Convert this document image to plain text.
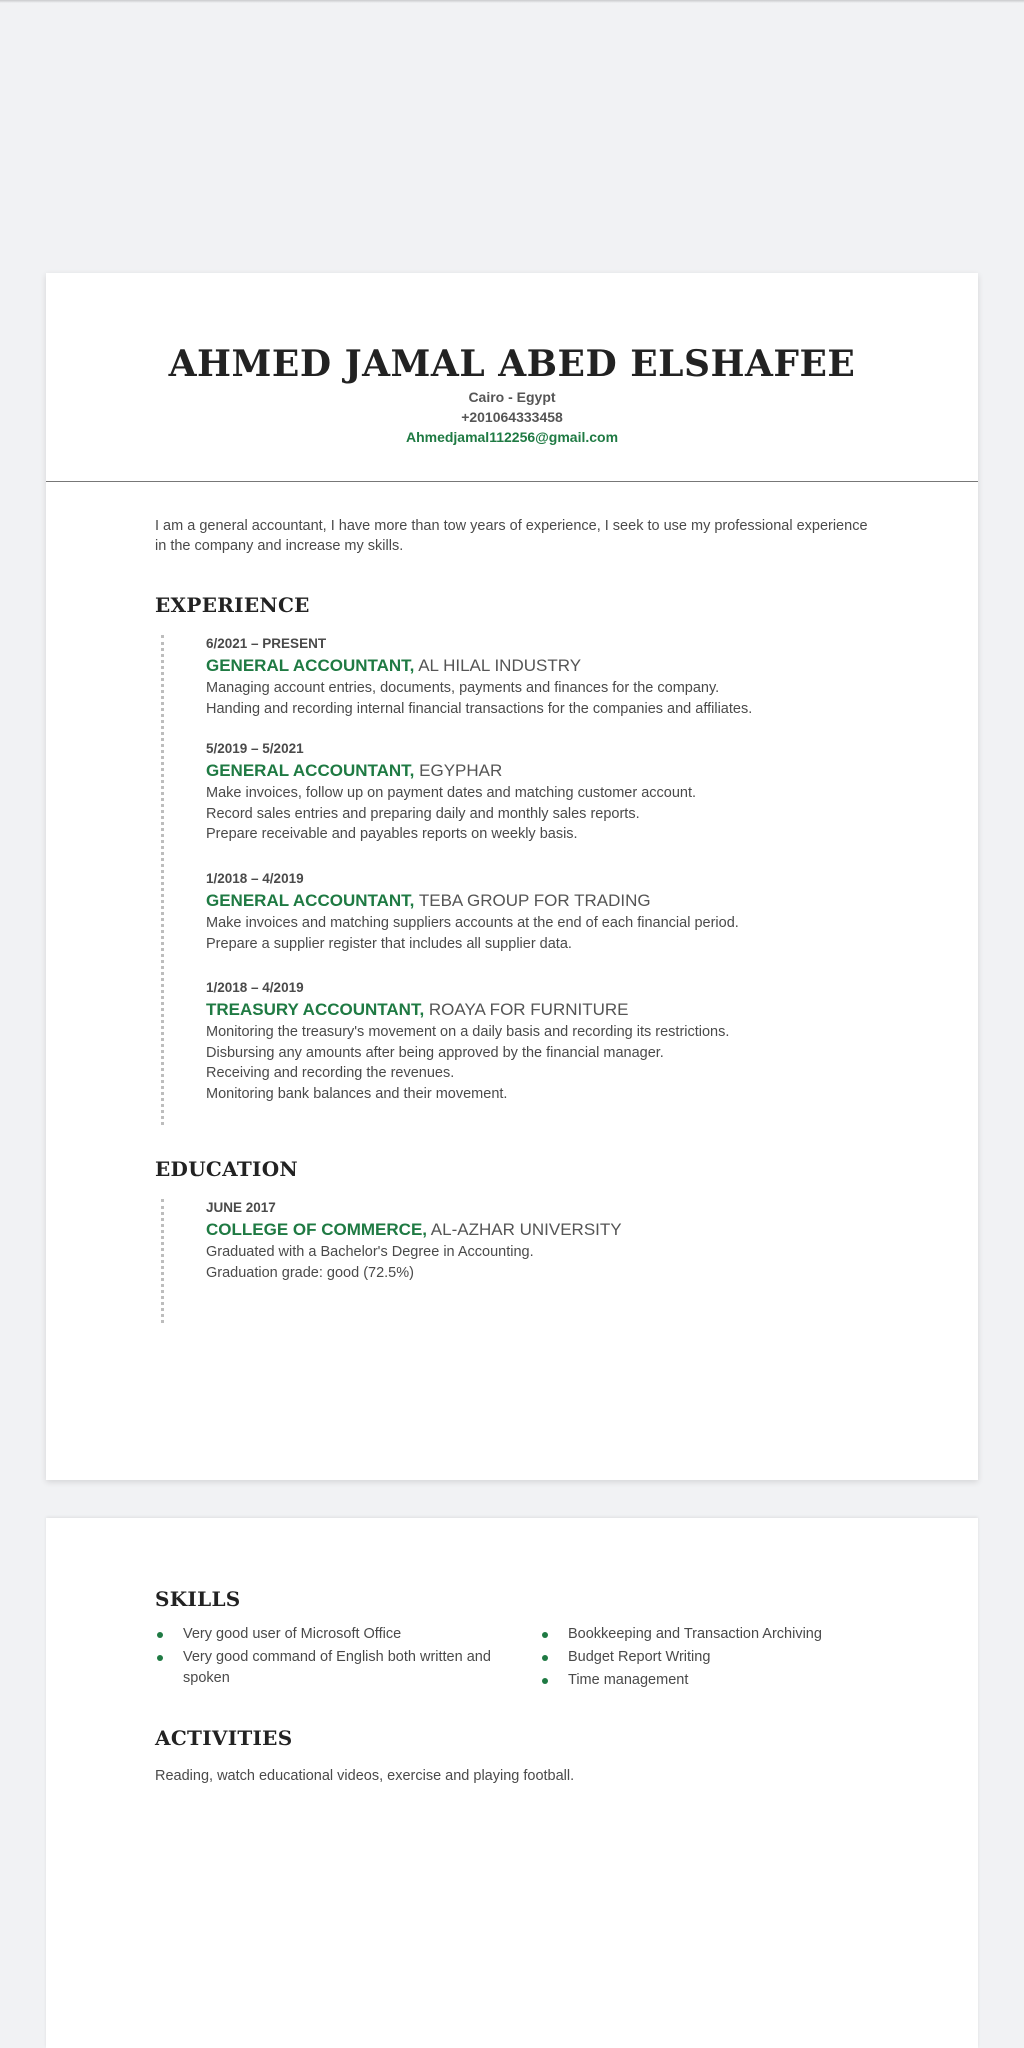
AHMED JAMAL ABED ELSHAFEE
Cairo - Egypt
+201064333458
Ahmedjamal112256@gmail.com
I am a general accountant, I have more than tow years of experience, I seek to use my professional experience in the company and increase my skills.
EXPERIENCE
6/2021 – PRESENT
GENERAL ACCOUNTANT, AL HILAL INDUSTRY
Managing account entries, documents, payments and finances for the company.
Handing and recording internal financial transactions for the companies and affiliates.
5/2019 – 5/2021
GENERAL ACCOUNTANT, EGYPHAR
Make invoices, follow up on payment dates and matching customer account.
Record sales entries and preparing daily and monthly sales reports.
Prepare receivable and payables reports on weekly basis.
1/2018 – 4/2019
GENERAL ACCOUNTANT, TEBA GROUP FOR TRADING
Make invoices and matching suppliers accounts at the end of each financial period.
Prepare a supplier register that includes all supplier data.
1/2018 – 4/2019
TREASURY ACCOUNTANT, ROAYA FOR FURNITURE
Monitoring the treasury's movement on a daily basis and recording its restrictions.
Disbursing any amounts after being approved by the financial manager.
Receiving and recording the revenues.
Monitoring bank balances and their movement.
EDUCATION
JUNE 2017
COLLEGE OF COMMERCE, AL-AZHAR UNIVERSITY
Graduated with a Bachelor's Degree in Accounting.
Graduation grade: good (72.5%)
SKILLS
Very good user of Microsoft Office
Very good command of English both written and spoken
Bookkeeping and Transaction Archiving
Budget Report Writing
Time management
ACTIVITIES
Reading, watch educational videos, exercise and playing football.
